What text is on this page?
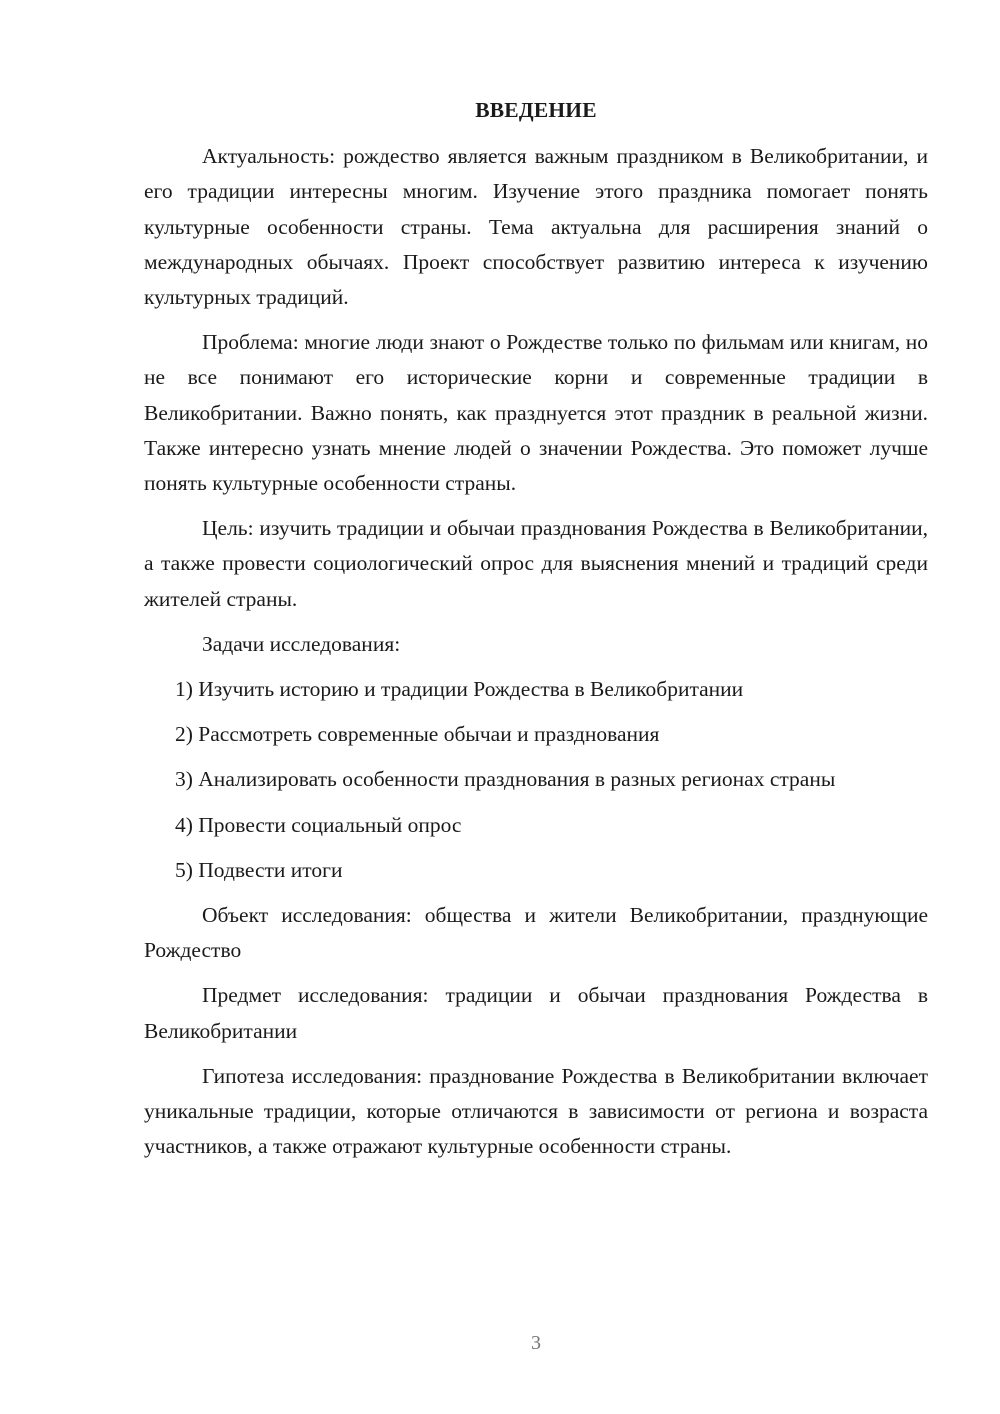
ВВЕДЕНИЕ

Актуальность: рождество является важным праздником в Великобритании, и его традиции интересны многим. Изучение этого праздника помогает понять культурные особенности страны. Тема актуальна для расширения знаний о международных обычаях. Проект способствует развитию интереса к изучению культурных традиций.

Проблема: многие люди знают о Рождестве только по фильмам или книгам, но не все понимают его исторические корни и современные традиции в Великобритании. Важно понять, как празднуется этот праздник в реальной жизни. Также интересно узнать мнение людей о значении Рождества. Это поможет лучше понять культурные особенности страны.

Цель: изучить традиции и обычаи празднования Рождества в Великобритании, а также провести социологический опрос для выяснения мнений и традиций среди жителей страны.

Задачи исследования:

1) Изучить историю и традиции Рождества в Великобритании

2) Рассмотреть современные обычаи и празднования

3) Анализировать особенности празднования в разных регионах страны

4) Провести социальный опрос

5) Подвести итоги

Объект исследования: общества и жители Великобритании, празднующие Рождество

Предмет исследования: традиции и обычаи празднования Рождества в Великобритании

Гипотеза исследования: празднование Рождества в Великобритании включает уникальные традиции, которые отличаются в зависимости от региона и возраста участников, а также отражают культурные особенности страны.

3
